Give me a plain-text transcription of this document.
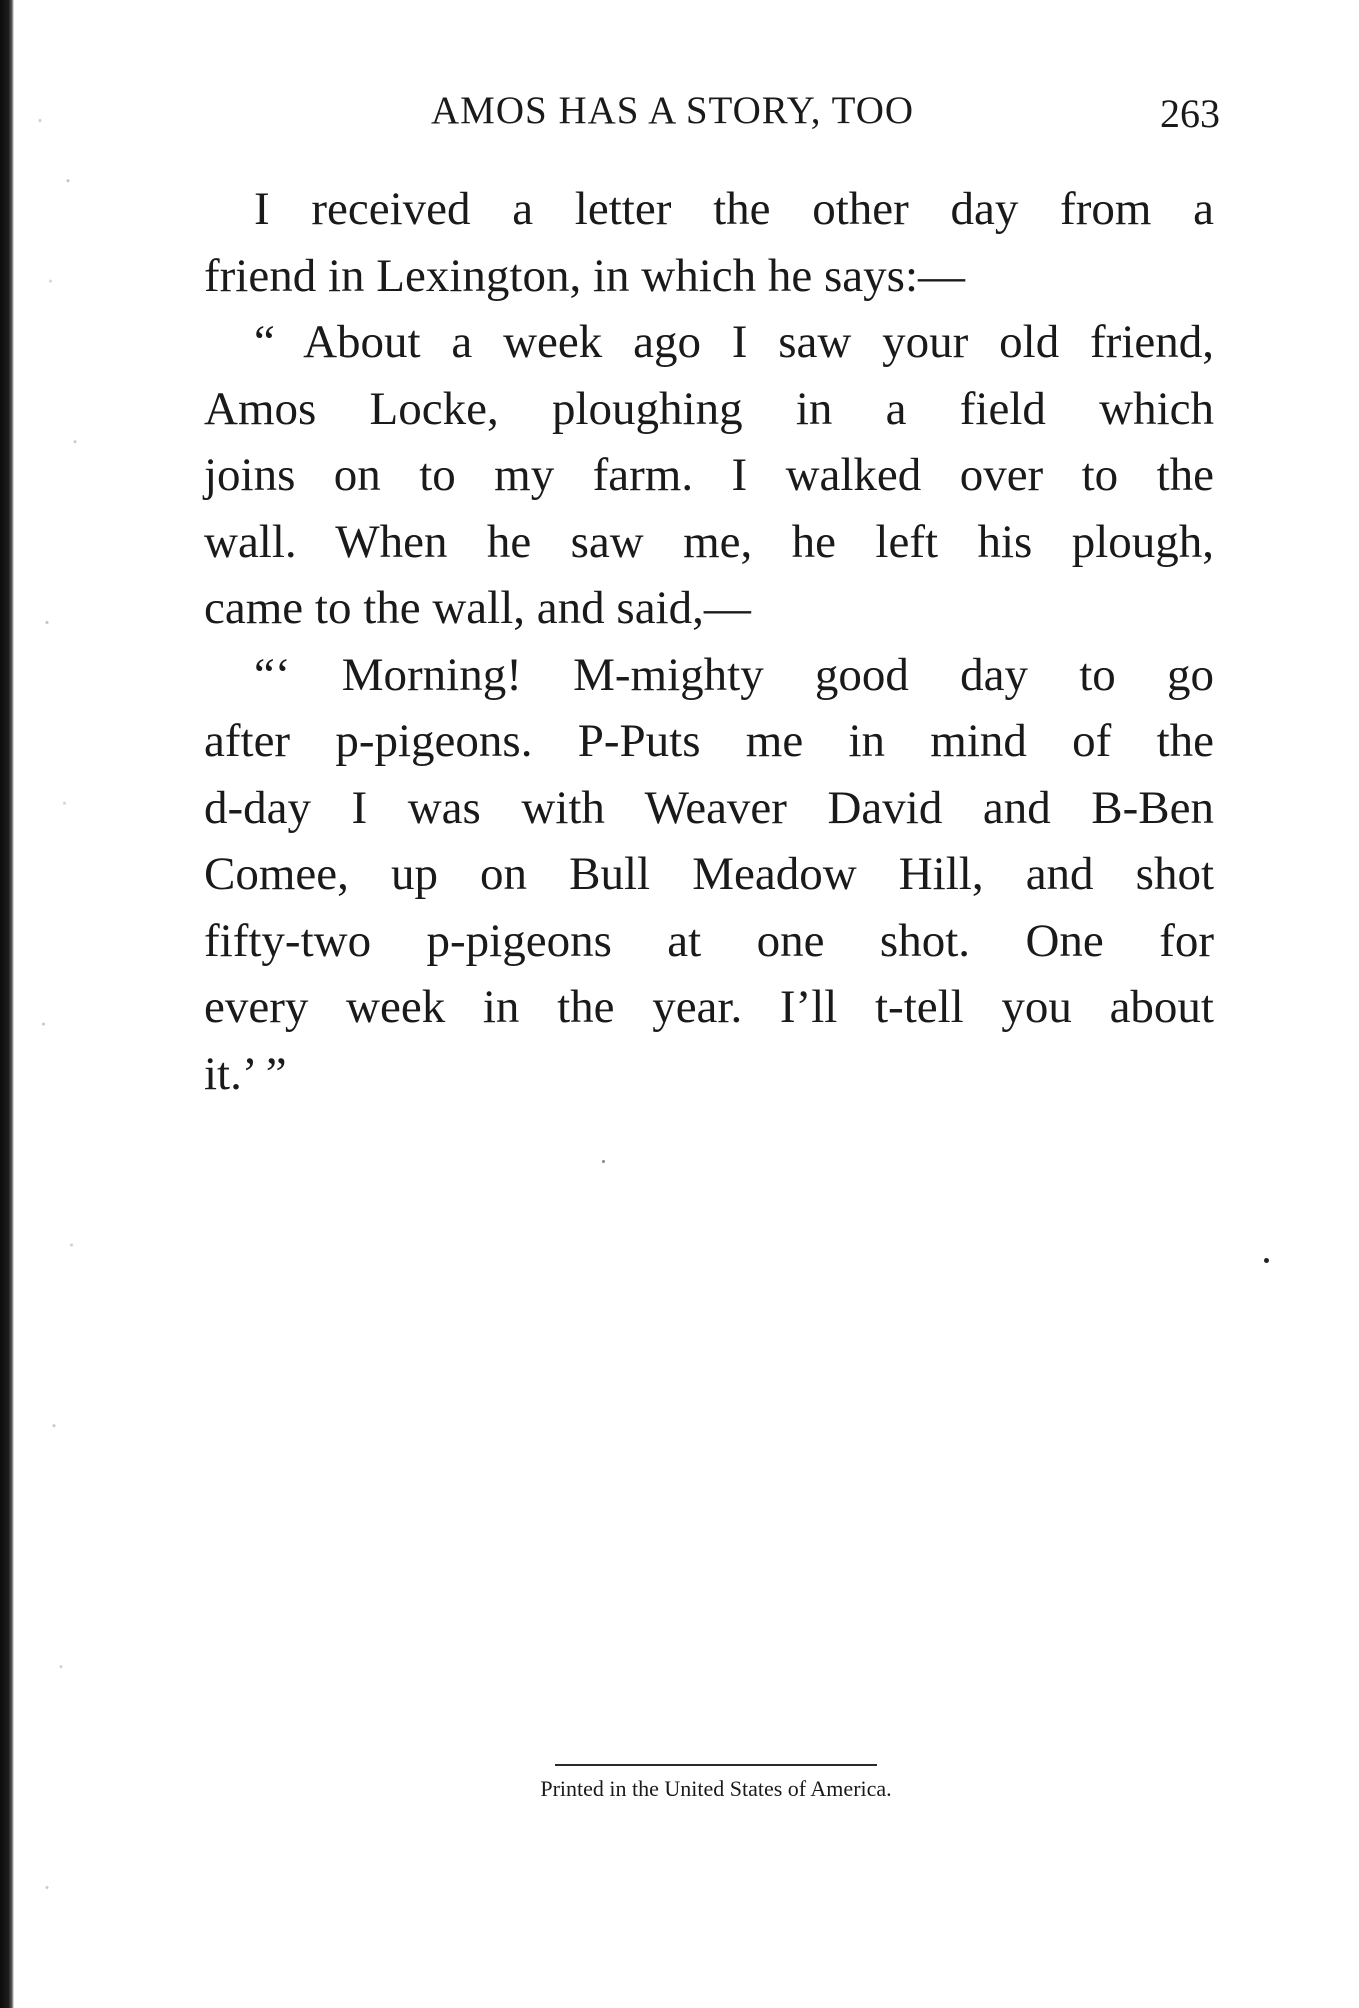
AMOS HAS A STORY, TOO	263
I received a letter the other day from a
friend in Lexington, in which he says:—
“ About a week ago I saw your old friend,
Amos Locke, ploughing in a field which
joins on to my farm. I walked over to the
wall. When he saw me, he left his plough,
came to the wall, and said,—
“‘ Morning! M-mighty good day to go
after p-pigeons. P-Puts me in mind of the
d-day I was with Weaver David and B-Ben
Comee, up on Bull Meadow Hill, and shot
fifty-two p-pigeons at one shot. One for
every week in the year. I’ll t-tell you about
it.’ ”
Printed in the United States of America.
